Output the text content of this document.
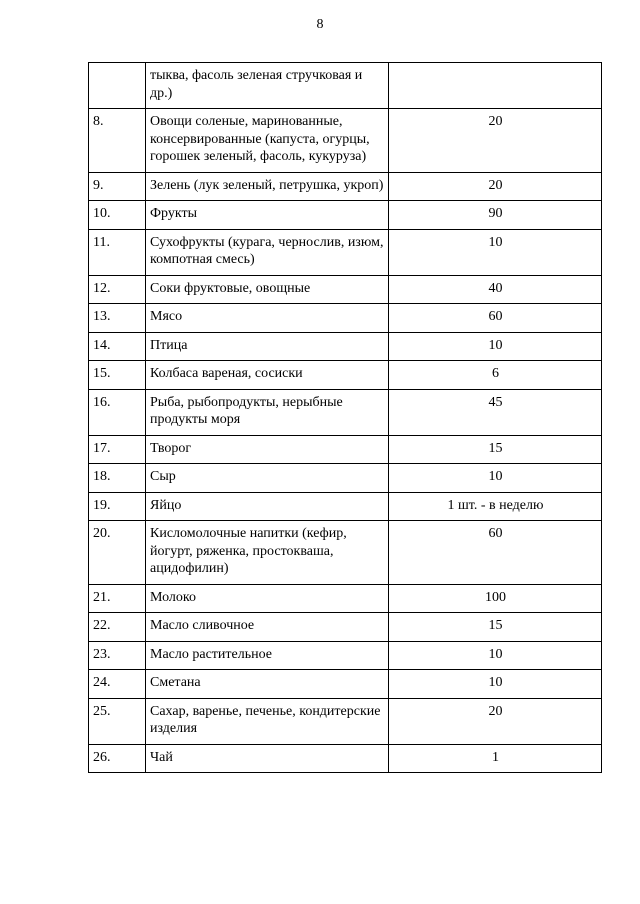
8
	тыква, фасоль зеленая стручковая и др.)	
8.	Овощи соленые, маринованные, консервированные (капуста, огурцы, горошек зеленый, фасоль, кукуруза)	20
9.	Зелень (лук зеленый, петрушка, укроп)	20
10.	Фрукты	90
11.	Сухофрукты (курага, чернослив, изюм, компотная смесь)	10
12.	Соки фруктовые, овощные	40
13.	Мясо	60
14.	Птица	10
15.	Колбаса вареная, сосиски	6
16.	Рыба, рыбопродукты, нерыбные продукты моря	45
17.	Творог	15
18.	Сыр	10
19.	Яйцо	1 шт. - в неделю
20.	Кисломолочные напитки (кефир, йогурт, ряженка, простокваша, ацидофилин)	60
21.	Молоко	100
22.	Масло сливочное	15
23.	Масло растительное	10
24.	Сметана	10
25.	Сахар, варенье, печенье, кондитерские изделия	20
26.	Чай	1
